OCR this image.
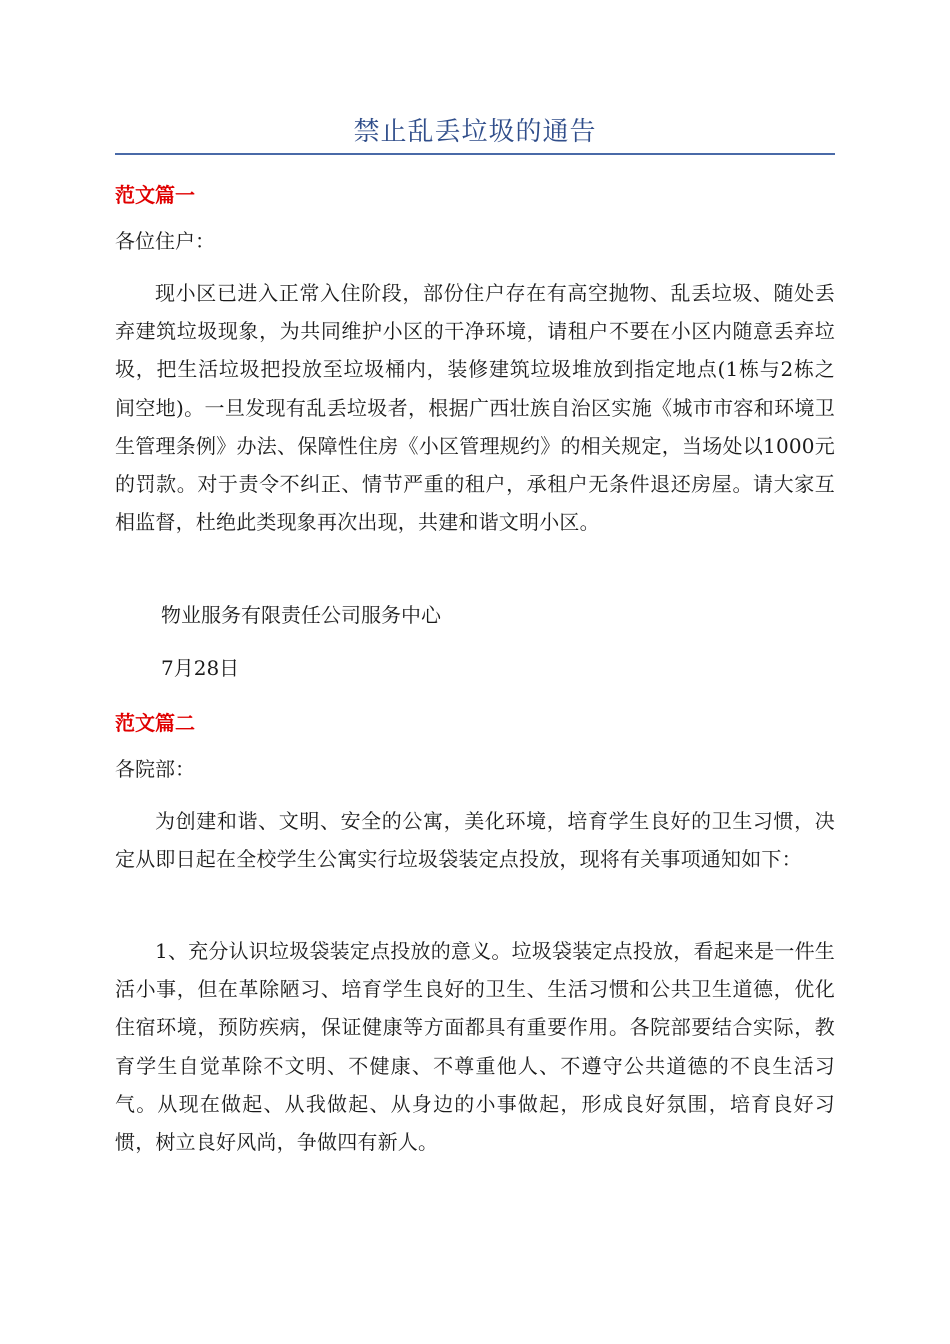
禁止乱丢垃圾的通告
范文篇一
各位住户：
现小区已进入正常入住阶段，部份住户存在有高空抛物、乱丢垃圾、随处丢弃建筑垃圾现象，为共同维护小区的干净环境，请租户不要在小区内随意丢弃垃圾，把生活垃圾把投放至垃圾桶内，装修建筑垃圾堆放到指定地点(1栋与2栋之间空地)。一旦发现有乱丢垃圾者，根据广西壮族自治区实施《城市市容和环境卫生管理条例》办法、保障性住房《小区管理规约》的相关规定，当场处以1000元的罚款。对于责令不纠正、情节严重的租户，承租户无条件退还房屋。请大家互相监督，杜绝此类现象再次出现，共建和谐文明小区。
物业服务有限责任公司服务中心
7月28日
范文篇二
各院部：
为创建和谐、文明、安全的公寓，美化环境，培育学生良好的卫生习惯，决定从即日起在全校学生公寓实行垃圾袋装定点投放，现将有关事项通知如下：
1、充分认识垃圾袋装定点投放的意义。垃圾袋装定点投放，看起来是一件生活小事，但在革除陋习、培育学生良好的卫生、生活习惯和公共卫生道德，优化住宿环境，预防疾病，保证健康等方面都具有重要作用。各院部要结合实际，教育学生自觉革除不文明、不健康、不尊重他人、不遵守公共道德的不良生活习气。从现在做起、从我做起、从身边的小事做起，形成良好氛围，培育良好习惯，树立良好风尚，争做四有新人。
